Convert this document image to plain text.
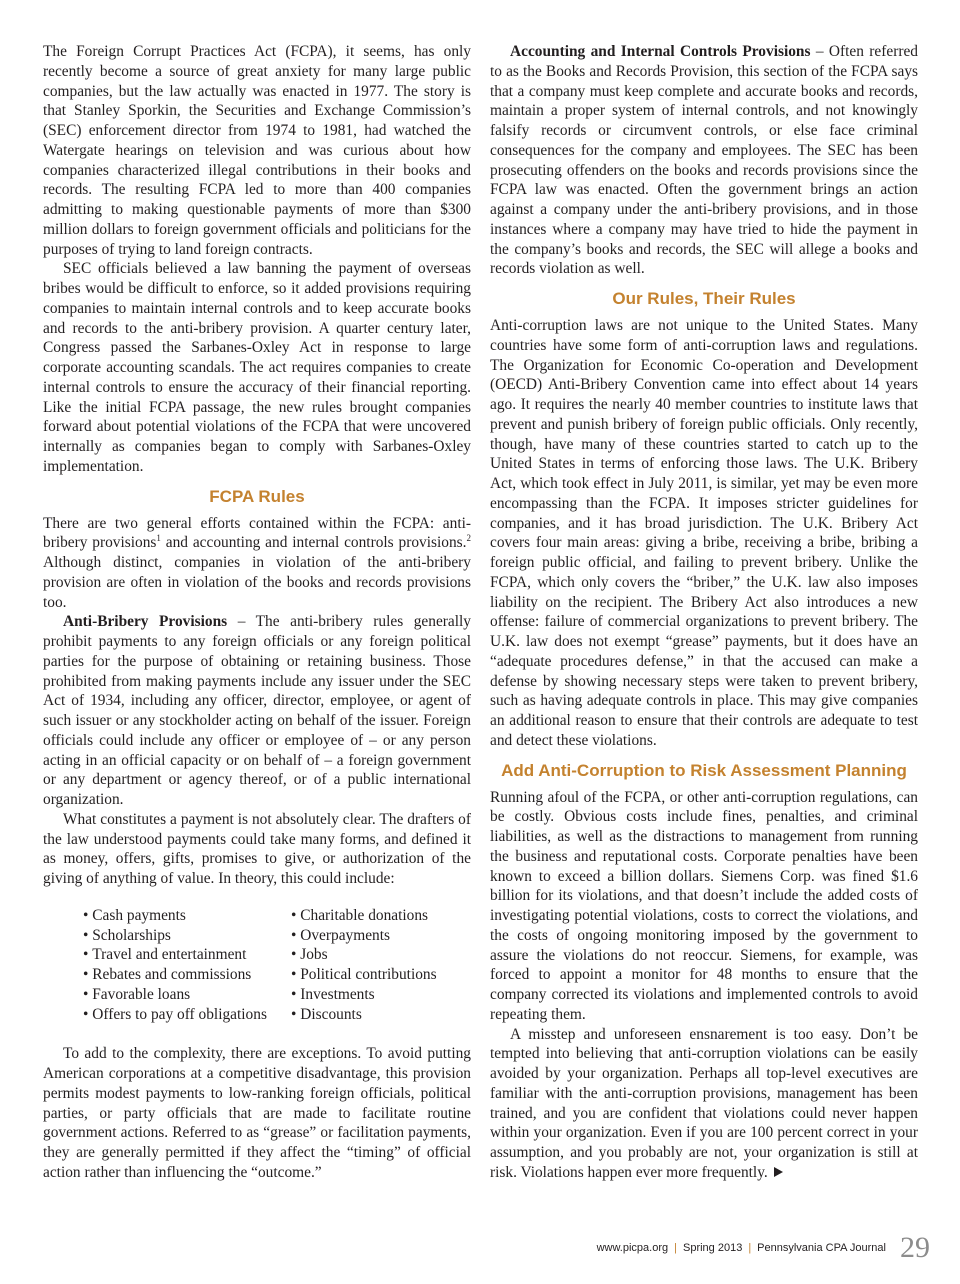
The Foreign Corrupt Practices Act (FCPA), it seems, has only recently become a source of great anxiety for many large public companies, but the law actually was enacted in 1977. The story is that Stanley Sporkin, the Securities and Exchange Commission’s (SEC) enforcement director from 1974 to 1981, had watched the Watergate hearings on television and was curious about how companies characterized illegal contributions in their books and records. The resulting FCPA led to more than 400 companies admitting to making questionable payments of more than $300 million dollars to foreign government officials and politicians for the purposes of trying to land foreign contracts.

SEC officials believed a law banning the payment of overseas bribes would be difficult to enforce, so it added provisions requiring companies to maintain internal controls and to keep accurate books and records to the anti-bribery provision. A quarter century later, Congress passed the Sarbanes-Oxley Act in response to large corporate accounting scandals. The act requires companies to create internal controls to ensure the accuracy of their financial reporting. Like the initial FCPA passage, the new rules brought companies forward about potential violations of the FCPA that were uncovered internally as companies began to comply with Sarbanes-Oxley implementation.

FCPA Rules

There are two general efforts contained within the FCPA: anti-bribery provisions$^1$ and accounting and internal controls provisions.$^2$ Although distinct, companies in violation of the anti-bribery provision are often in violation of the books and records provisions too.

Anti-Bribery Provisions – The anti-bribery rules generally prohibit payments to any foreign officials or any foreign political parties for the purpose of obtaining or retaining business. Those prohibited from making payments include any issuer under the SEC Act of 1934, including any officer, director, employee, or agent of such issuer or any stockholder acting on behalf of the issuer. Foreign officials could include any officer or employee of – or any person acting in an official capacity or on behalf of – a foreign government or any department or agency thereof, or of a public international organization.

What constitutes a payment is not absolutely clear. The drafters of the law understood payments could take many forms, and defined it as money, offers, gifts, promises to give, or authorization of the giving of anything of value. In theory, this could include:

• Cash payments
• Scholarships
• Travel and entertainment
• Rebates and commissions
• Favorable loans
• Offers to pay off obligations
• Charitable donations
• Overpayments
• Jobs
• Political contributions
• Investments
• Discounts

To add to the complexity, there are exceptions. To avoid putting American corporations at a competitive disadvantage, this provision permits modest payments to low-ranking foreign officials, political parties, or party officials that are made to facilitate routine government actions. Referred to as “grease” or facilitation payments, they are generally permitted if they affect the “timing” of official action rather than influencing the “outcome.”

Accounting and Internal Controls Provisions – Often referred to as the Books and Records Provision, this section of the FCPA says that a company must keep complete and accurate books and records, maintain a proper system of internal controls, and not knowingly falsify records or circumvent controls, or else face criminal consequences for the company and employees. The SEC has been prosecuting offenders on the books and records provisions since the FCPA law was enacted. Often the government brings an action against a company under the anti-bribery provisions, and in those instances where a company may have tried to hide the payment in the company’s books and records, the SEC will allege a books and records violation as well.

Our Rules, Their Rules

Anti-corruption laws are not unique to the United States. Many countries have some form of anti-corruption laws and regulations. The Organization for Economic Co-operation and Development (OECD) Anti-Bribery Convention came into effect about 14 years ago. It requires the nearly 40 member countries to institute laws that prevent and punish bribery of foreign public officials. Only recently, though, have many of these countries started to catch up to the United States in terms of enforcing those laws. The U.K. Bribery Act, which took effect in July 2011, is similar, yet may be even more encompassing than the FCPA. It imposes stricter guidelines for companies, and it has broad jurisdiction. The U.K. Bribery Act covers four main areas: giving a bribe, receiving a bribe, bribing a foreign public official, and failing to prevent bribery. Unlike the FCPA, which only covers the “briber,” the U.K. law also imposes liability on the recipient. The Bribery Act also introduces a new offense: failure of commercial organizations to prevent bribery. The U.K. law does not exempt “grease” payments, but it does have an “adequate procedures defense,” in that the accused can make a defense by showing necessary steps were taken to prevent bribery, such as having adequate controls in place. This may give companies an additional reason to ensure that their controls are adequate to test and detect these violations.

Add Anti-Corruption to Risk Assessment Planning

Running afoul of the FCPA, or other anti-corruption regulations, can be costly. Obvious costs include fines, penalties, and criminal liabilities, as well as the distractions to management from running the business and reputational costs. Corporate penalties have been known to exceed a billion dollars. Siemens Corp. was fined $1.6 billion for its violations, and that doesn’t include the added costs of investigating potential violations, costs to correct the violations, and the costs of ongoing monitoring imposed by the government to assure the violations do not reoccur. Siemens, for example, was forced to appoint a monitor for 48 months to ensure that the company corrected its violations and implemented controls to avoid repeating them.

A misstep and unforeseen ensnarement is too easy. Don’t be tempted into believing that anti-corruption violations can be easily avoided by your organization. Perhaps all top-level executives are familiar with the anti-corruption provisions, management has been trained, and you are confident that violations could never happen within your organization. Even if you are 100 percent correct in your assumption, and you probably are not, your organization is still at risk. Violations happen ever more frequently.

www.picpa.org | Spring 2013 | Pennsylvania CPA Journal 29
